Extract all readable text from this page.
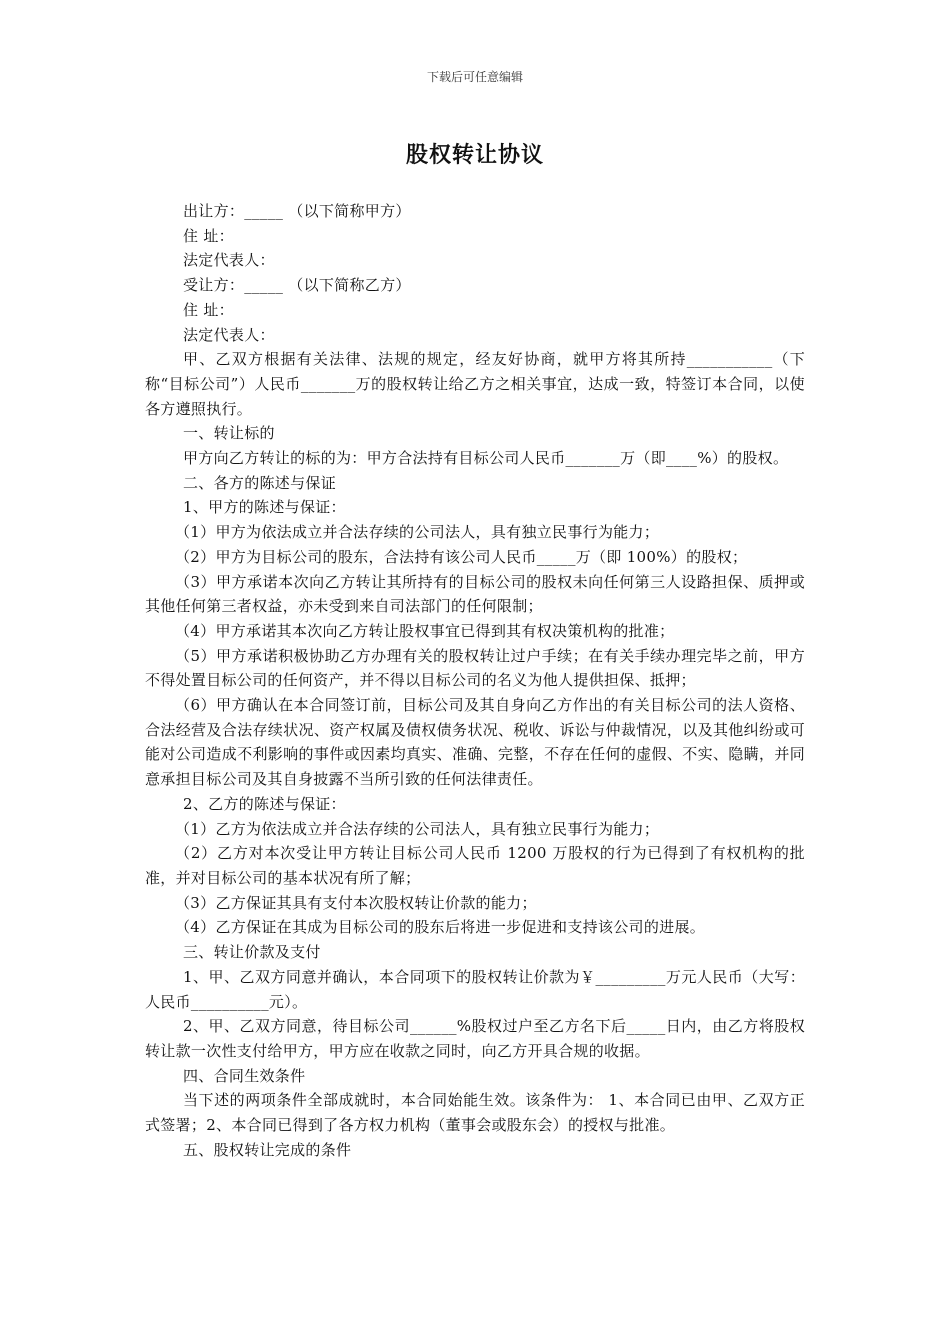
下载后可任意编辑
股权转让协议

出让方：_____ （以下简称甲方）

住 址：

法定代表人：

受让方：_____ （以下简称乙方）

住 址：

法定代表人：

甲、乙双方根据有关法律、法规的规定，经友好协商，就甲方将其所持___________（下称“目标公司”）人民币_______万的股权转让给乙方之相关事宜，达成一致，特签订本合同，以使各方遵照执行。

一、转让标的

甲方向乙方转让的标的为：甲方合法持有目标公司人民币_______万（即____%）的股权。

二、各方的陈述与保证

1、甲方的陈述与保证：

（1）甲方为依法成立并合法存续的公司法人，具有独立民事行为能力；

（2）甲方为目标公司的股东，合法持有该公司人民币_____万（即 100%）的股权；

（3）甲方承诺本次向乙方转让其所持有的目标公司的股权未向任何第三人设路担保、质押或其他任何第三者权益，亦未受到来自司法部门的任何限制；

（4）甲方承诺其本次向乙方转让股权事宜已得到其有权决策机构的批准；

（5）甲方承诺积极协助乙方办理有关的股权转让过户手续；在有关手续办理完毕之前，甲方不得处置目标公司的任何资产，并不得以目标公司的名义为他人提供担保、抵押；

（6）甲方确认在本合同签订前，目标公司及其自身向乙方作出的有关目标公司的法人资格、合法经营及合法存续状况、资产权属及债权债务状况、税收、诉讼与仲裁情况，以及其他纠纷或可能对公司造成不利影响的事件或因素均真实、准确、完整，不存在任何的虚假、不实、隐瞒，并同意承担目标公司及其自身披露不当所引致的任何法律责任。

2、乙方的陈述与保证：

（1）乙方为依法成立并合法存续的公司法人，具有独立民事行为能力；

（2）乙方对本次受让甲方转让目标公司人民币 1200 万股权的行为已得到了有权机构的批准，并对目标公司的基本状况有所了解；

（3）乙方保证其具有支付本次股权转让价款的能力；

（4）乙方保证在其成为目标公司的股东后将进一步促进和支持该公司的进展。

三、转让价款及支付

1、甲、乙双方同意并确认，本合同项下的股权转让价款为￥_________万元人民币（大写：人民币__________元）。

2、甲、乙双方同意，待目标公司______%股权过户至乙方名下后_____日内，由乙方将股权转让款一次性支付给甲方，甲方应在收款之同时，向乙方开具合规的收据。

四、合同生效条件

当下述的两项条件全部成就时，本合同始能生效。该条件为： 1、本合同已由甲、乙双方正式签署；2、本合同已得到了各方权力机构（董事会或股东会）的授权与批准。

五、股权转让完成的条件
